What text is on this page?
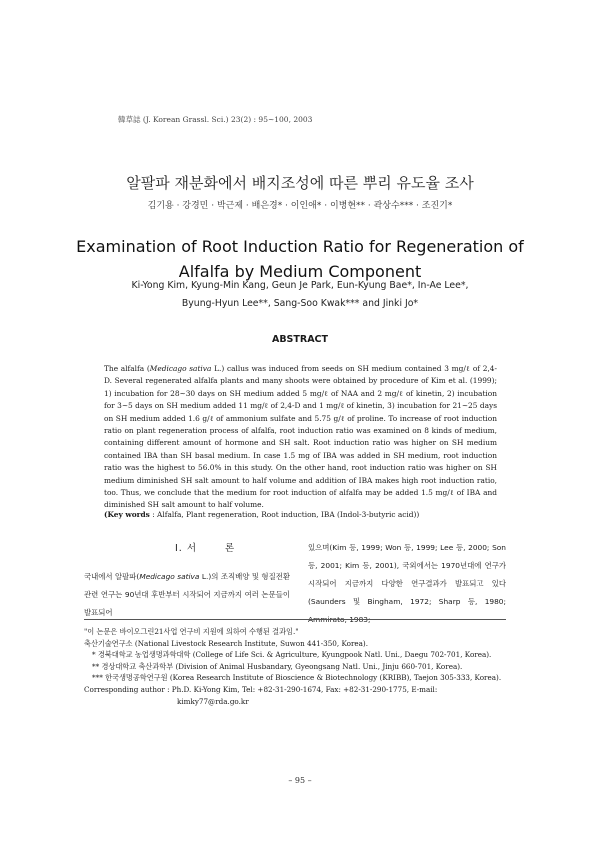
韓草誌 (J. Korean Grassl. Sci.) 23(2) : 95~100, 2003
알팔파 재분화에서 배지조성에 따른 뿌리 유도율 조사
김기용 · 강경민 · 박근제 · 배은경* · 이인애* · 이병현** · 곽상수*** · 조진기*
Examination of Root Induction Ratio for Regeneration of
Alfalfa by Medium Component
Ki-Yong Kim, Kyung-Min Kang, Geun Je Park, Eun-Kyung Bae*, In-Ae Lee*,
Byung-Hyun Lee**, Sang-Soo Kwak*** and Jinki Jo*
ABSTRACT

The alfalfa (Medicago sativa L.) callus was induced from seeds on SH medium contained 3 mg/ℓ of 2,4-D. Several regenerated alfalfa plants and many shoots were obtained by procedure of Kim et al. (1999); 1) incubation for 28~30 days on SH medium added 5 mg/ℓ of NAA and 2 mg/ℓ of kinetin, 2) incubation for 3~5 days on SH medium added 11 mg/ℓ of 2,4-D and 1 mg/ℓ of kinetin, 3) incubation for 21~25 days on SH medium added 1.6 g/ℓ of ammonium sulfate and 5.75 g/ℓ of proline. To increase of root induction ratio on plant regeneration process of alfalfa, root induction ratio was examined on 8 kinds of medium, containing different amount of hormone and SH salt. Root induction ratio was higher on SH medium contained IBA than SH basal medium. In case 1.5 mg of IBA was added in SH medium, root induction ratio was the highest to 56.0% in this study. On the other hand, root induction ratio was higher on SH medium diminished SH salt amount to half volume and addition of IBA makes high root induction ratio, too. Thus, we conclude that the medium for root induction of alfalfa may be added 1.5 mg/ℓ of IBA and diminished SH salt amount to half volume.

(Key words : Alfalfa, Plant regeneration, Root induction, IBA (Indol-3-butyric acid))

Ⅰ. 서	론

국내에서 알팔파(Medicago sativa L.)의 조직배양 및 형질전환 관련 연구는 90년대 후반부터 시작되어 지금까지 여러 논문들이 발표되어

있으며(Kim 등, 1999; Won 등, 1999; Lee 등, 2000; Son 등, 2001; Kim 등, 2001), 국외에서는 1970년대에 연구가 시작되어 지금까지 다양한 연구결과가 발표되고 있다(Saunders 및 Bingham, 1972; Sharp 등, 1980; Ammirato, 1983;

"이 논문은 바이오그린21사업 연구비 지원에 의하여 수행된 결과임."
축산기술연구소 (National Livestock Research Institute, Suwon 441-350, Korea).
* 경북대학교 농업생명과학대학 (College of Life Sci. & Agriculture, Kyungpook Natl. Uni., Daegu 702-701, Korea).
** 경상대학교 축산과학부 (Division of Animal Husbandary, Gyeongsang Natl. Uni., Jinju 660-701, Korea).
*** 한국생명공학연구원 (Korea Research Institute of Bioscience & Biotechnology (KRIBB), Taejon 305-333, Korea).
Corresponding author : Ph.D. Ki-Yong Kim, Tel: +82-31-290-1674, Fax: +82-31-290-1775, E-mail: kimky77@rda.go.kr
– 95 –
